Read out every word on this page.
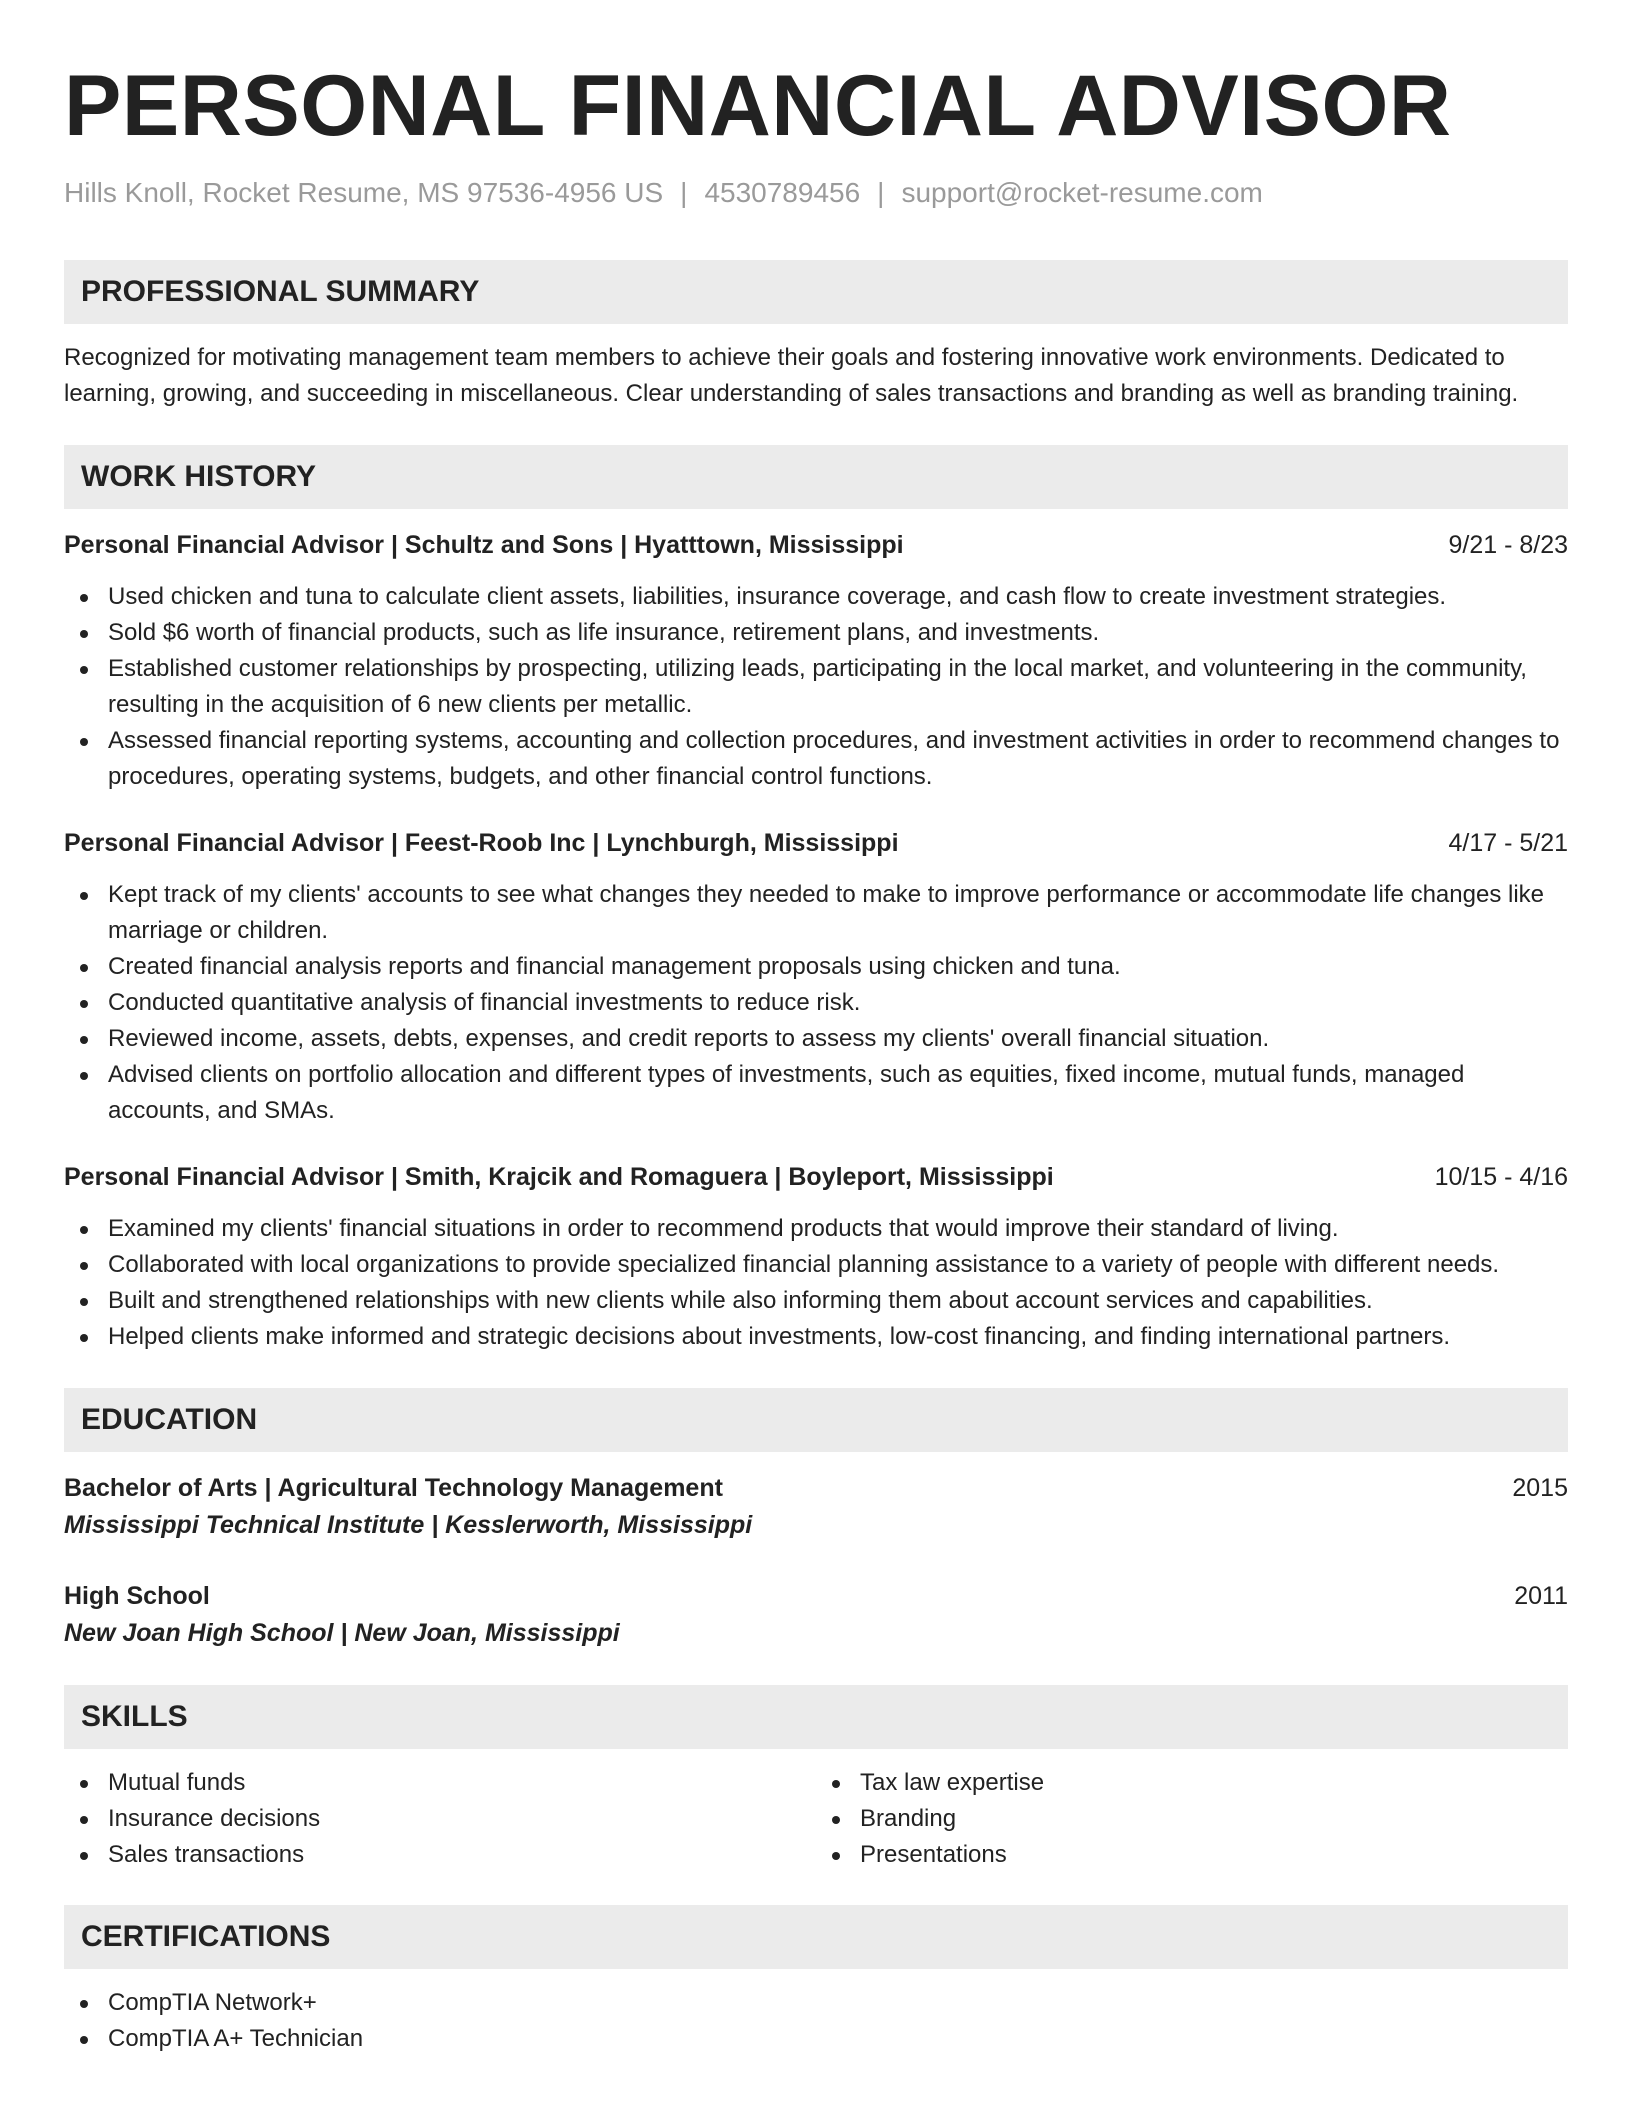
PERSONAL FINANCIAL ADVISOR
Hills Knoll, Rocket Resume, MS 97536-4956 US | 4530789456 | support@rocket-resume.com
PROFESSIONAL SUMMARY

Recognized for motivating management team members to achieve their goals and fostering innovative work environments. Dedicated to learning, growing, and succeeding in miscellaneous. Clear understanding of sales transactions and branding as well as branding training.

WORK HISTORY
Personal Financial Advisor | Schultz and Sons | Hyatttown, Mississippi	9/21 - 8/23
Used chicken and tuna to calculate client assets, liabilities, insurance coverage, and cash flow to create investment strategies.
Sold $6 worth of financial products, such as life insurance, retirement plans, and investments.
Established customer relationships by prospecting, utilizing leads, participating in the local market, and volunteering in the community, resulting in the acquisition of 6 new clients per metallic.
Assessed financial reporting systems, accounting and collection procedures, and investment activities in order to recommend changes to procedures, operating systems, budgets, and other financial control functions.
Personal Financial Advisor | Feest-Roob Inc | Lynchburgh, Mississippi	4/17 - 5/21
Kept track of my clients' accounts to see what changes they needed to make to improve performance or accommodate life changes like marriage or children.
Created financial analysis reports and financial management proposals using chicken and tuna.
Conducted quantitative analysis of financial investments to reduce risk.
Reviewed income, assets, debts, expenses, and credit reports to assess my clients' overall financial situation.
Advised clients on portfolio allocation and different types of investments, such as equities, fixed income, mutual funds, managed accounts, and SMAs.
Personal Financial Advisor | Smith, Krajcik and Romaguera | Boyleport, Mississippi	10/15 - 4/16
Examined my clients' financial situations in order to recommend products that would improve their standard of living.
Collaborated with local organizations to provide specialized financial planning assistance to a variety of people with different needs.
Built and strengthened relationships with new clients while also informing them about account services and capabilities.
Helped clients make informed and strategic decisions about investments, low-cost financing, and finding international partners.
EDUCATION
Bachelor of Arts | Agricultural Technology Management	2015
Mississippi Technical Institute | Kesslerworth, Mississippi
High School	2011
New Joan High School | New Joan, Mississippi
SKILLS
Mutual funds
Insurance decisions
Sales transactions
Tax law expertise
Branding
Presentations
CERTIFICATIONS
CompTIA Network+
CompTIA A+ Technician
